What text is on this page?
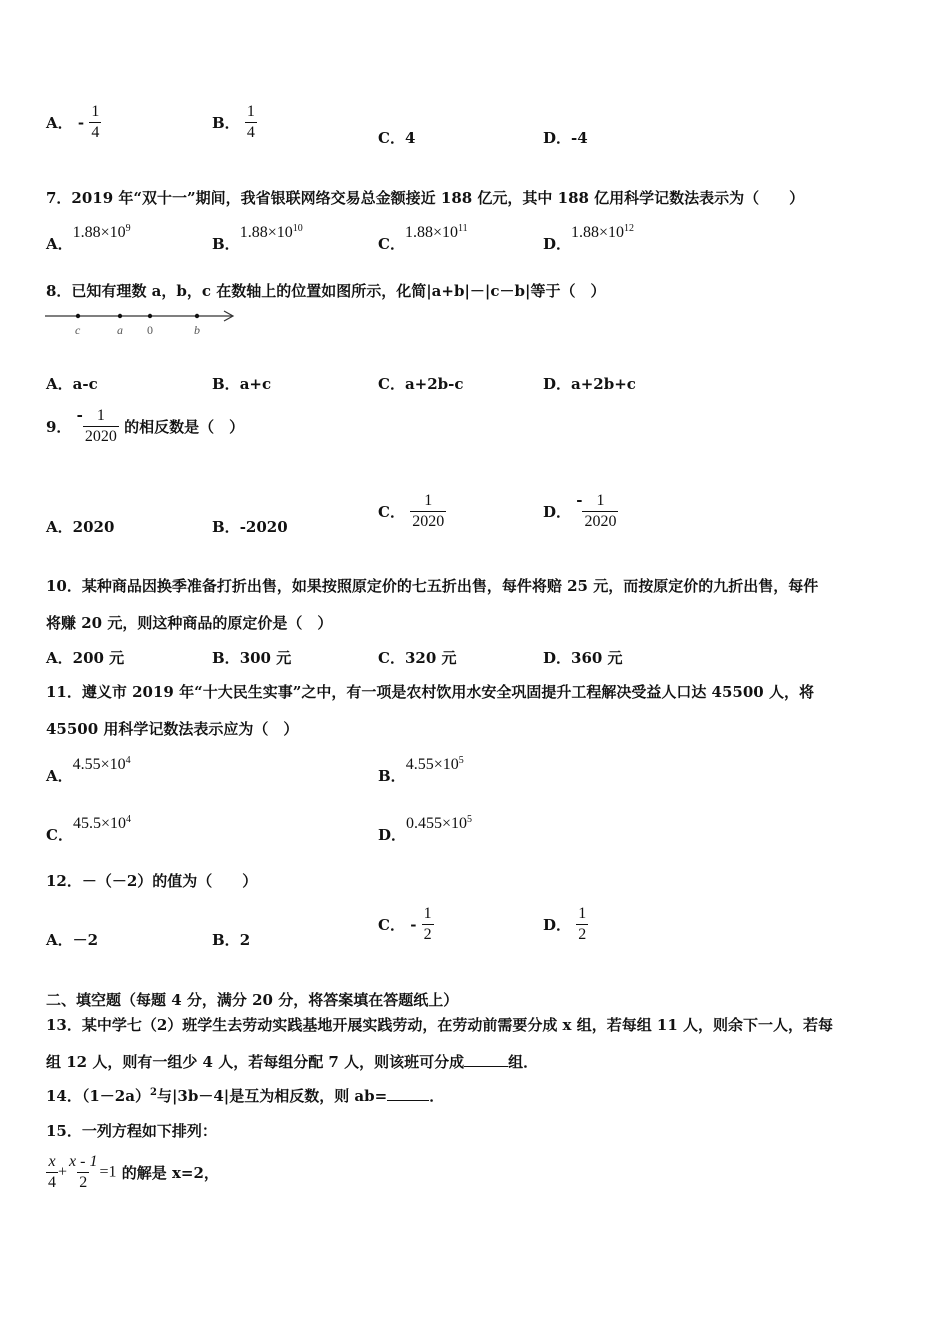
A． - $\frac{1}{4}$	B． $\frac{1}{4}$	C．4	D．-4
7．2019 年“双十一”期间，我省银联网络交易总金额接近 188 亿元，其中 188 亿用科学记数法表示为（　　）
A．$1.88\times 10^9$
B．$1.88\times 10^{10}$
C．$1.88\times 10^{11}$
D．$1.88\times 10^{12}$
8．已知有理数 a，b，c 在数轴上的位置如图所示，化简|a+b|－|c－b|等于（　）
c	a 0	b
A．a-c	B．a+c	C．a+2b-c	D．a+2b+c
9． - $\frac{1}{2020}$ 的相反数是（　）
A．2020	B．-2020
C． $\frac{1}{2020}$	D． - $\frac{1}{2020}$
10．某种商品因换季准备打折出售，如果按照原定价的七五折出售，每件将赔 25 元，而按原定价的九折出售，每件
将赚 20 元，则这种商品的原定价是（　）
A．200 元	B．300 元	C．320 元	D．360 元
11．遵义市 2019 年“十大民生实事”之中，有一项是农村饮用水安全巩固提升工程解决受益人口达 45500 人，将
45500 用科学记数法表示应为（　）
A．$4.55\times 10^4$
B．$4.55\times 10^5$
C．$45.5\times 10^4$
D．$0.455\times 10^5$
12．－（－2）的值为（　　）
A．－2	B．2
C． - $\frac{1}{2}$	D． $\frac{1}{2}$
二、填空题（每题 4 分，满分 20 分，将答案填在答题纸上）
13．某中学七（2）班学生去劳动实践基地开展实践劳动，在劳动前需要分成 x 组，若每组 11 人，则余下一人，若每
组 12 人，则有一组少 4 人，若每组分配 7 人，则该班可分成	组．
14．$(1-2a)^2$与|3b－4|是互为相反数，则 ab=	．
15．一列方程如下排列：
$\frac{x}{4} + \frac{x - 1}{2} =1$ 的解是 x=2，
